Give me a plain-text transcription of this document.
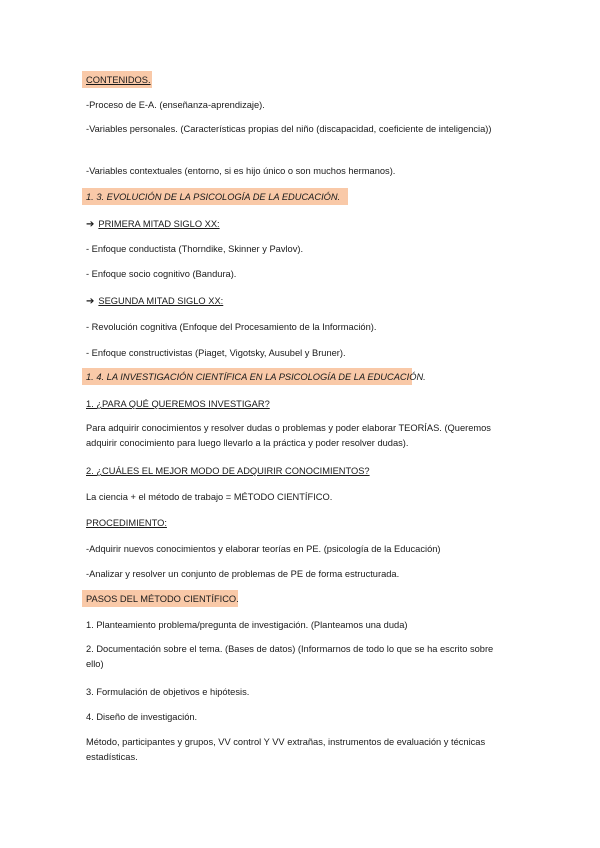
CONTENIDOS.
-Proceso de E-A. (enseñanza-aprendizaje).
-Variables personales. (Características propias del niño (discapacidad, coeficiente de inteligencia))
-Variables contextuales (entorno, si es hijo único o son muchos hermanos).
1. 3. EVOLUCIÓN DE LA PSICOLOGÍA DE LA EDUCACIÓN.
➔ PRIMERA MITAD SIGLO XX:
- Enfoque conductista (Thorndike, Skinner y Pavlov).
- Enfoque socio cognitivo (Bandura).
➔ SEGUNDA MITAD SIGLO XX:
- Revolución cognitiva (Enfoque del Procesamiento de la Información).
- Enfoque constructivistas (Piaget, Vigotsky, Ausubel y Bruner).
1. 4. LA INVESTIGACIÓN CIENTÍFICA EN LA PSICOLOGÍA DE LA EDUCACIÓN.
1. ¿PARA QUÉ QUEREMOS INVESTIGAR?
Para adquirir conocimientos y resolver dudas o problemas y poder elaborar TEORÍAS. (Queremos adquirir conocimiento para luego llevarlo a la práctica y poder resolver dudas).
2. ¿CUÁLES EL MEJOR MODO DE ADQUIRIR CONOCIMIENTOS?
La ciencia + el método de trabajo = MÉTODO CIENTÍFICO.
PROCEDIMIENTO:
-Adquirir nuevos conocimientos y elaborar teorías en PE. (psicología de la Educación)
-Analizar y resolver un conjunto de problemas de PE de forma estructurada.
PASOS DEL MÉTODO CIENTÍFICO.
1. Planteamiento problema/pregunta de investigación. (Planteamos una duda)
2. Documentación sobre el tema. (Bases de datos) (Informarnos de todo lo que se ha escrito sobre ello)
3. Formulación de objetivos e hipótesis.
4. Diseño de investigación.
Método, participantes y grupos, VV control Y VV extrañas, instrumentos de evaluación y técnicas estadísticas.
